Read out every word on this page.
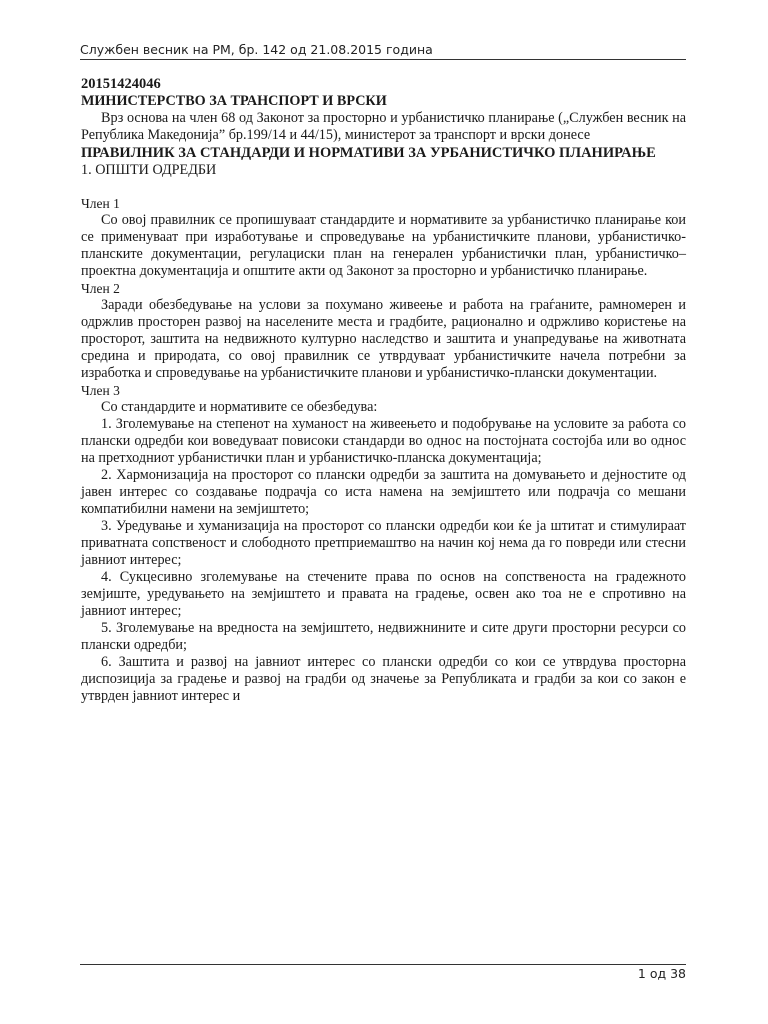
Службен весник на РМ, бр. 142 од 21.08.2015 година

20151424046

МИНИСТЕРСТВО ЗА ТРАНСПОРТ И ВРСКИ

Врз основа на член 68 од Законот за просторно и урбанистичко планирање („Службен весник на Република Македонија” бр.199/14 и 44/15), министерот за транспорт и врски донесе

ПРАВИЛНИК ЗА СТАНДАРДИ И НОРМАТИВИ ЗА УРБАНИСТИЧКО ПЛАНИРАЊЕ

1. ОПШТИ ОДРЕДБИ

Член 1

Со овој правилник се пропишуваат стандардите и нормативите за урбанистичко планирање кои се применуваат при изработување и спроведување на урбанистичките планови, урбанистичко-планските документации, регулациски план на генерален урбанистички план, урбанистичко–проектна документација и општите акти од Законот за просторно и урбанистичко планирање.

Член 2

Заради обезбедување на услови за похумано живеење и работа на граѓаните, рамномерен и одржлив просторен развој на населените места и градбите, рационално и одржливо користење на просторот, заштита на недвижното културно наследство и заштита и унапредување на животната средина и природата, со овој правилник се утврдуваат урбанистичките начела потребни за изработка и спроведување на урбанистичките планови и урбанистичко-плански документации.

Член 3

Со стандардите и нормативите се обезбедува:

1. Зголемување на степенот на хуманост на живеењето и подобрување на условите за работа со плански одредби кои воведуваат повисоки стандарди во однос на постојната состојба или во однос на претходниот урбанистички план и урбанистичко-планска документација;

2. Хармонизација на просторот со плански одредби за заштита на домувањето и дејностите од јавен интерес со создавање подрачја со иста намена на земјиштето или подрачја со мешани компатибилни намени на земјиштето;

3. Уредување и хуманизација на просторот со плански одредби кои ќе ја штитат и стимулираат приватната сопственост и слободното претприемаштво на начин кој нема да го повреди или стесни јавниот интерес;

4. Сукцесивно зголемување на стечените права по основ на сопственоста на градежното земјиште, уредувањето на земјиштето и правата на градење, освен ако тоа не е спротивно на јавниот интерес;

5. Зголемување на вредноста на земјиштето, недвижнините и сите други просторни ресурси со плански одредби;

6. Заштита и развој на јавниот интерес со плански одредби со кои се утврдува просторна диспозиција за градење и развој на градби од значење за Републиката и градби за кои со закон е утврден јавниот интерес и

1 од 38
